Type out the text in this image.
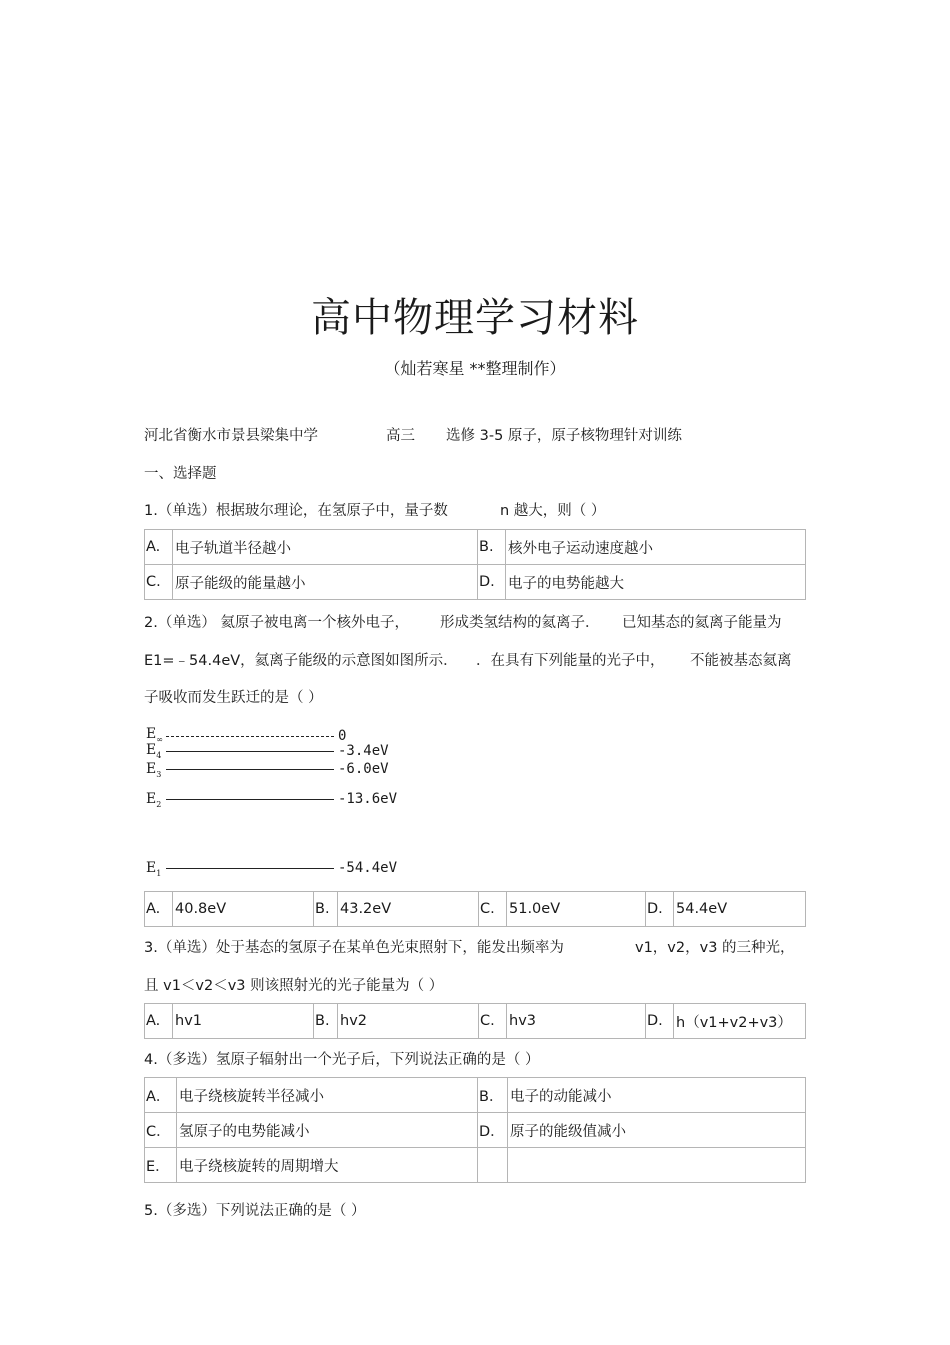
高中物理学习材料
（灿若寒星 **整理制作）
河北省衡水市景县梁集中学	高三 选修 3-5 原子，原子核物理针对训练
一、选择题
1.（单选）根据玻尔理论，在氢原子中，量子数	n 越大，则（ ）
A.	电子轨道半径越小	B.	核外电子运动速度越小
C.	原子能级的能量越小	D.	电子的电势能越大
2.（单选） 氦原子被电离一个核外电子， 形成类氢结构的氦离子． 已知基态的氦离子能量为
E1=﹣54.4eV，氦离子能级的示意图如图所示． ．在具有下列能量的光子中， 不能被基态氦离
子吸收而发生跃迁的是（ ）
$E_\infty$	0
$E_4$	-3.4eV
$E_3$	-6.0eV
$E_2$	-13.6eV
$E_1$	-54.4eV
A.	40.8eV	B.	43.2eV	C.	51.0eV	D.	54.4eV
3.（单选）处于基态的氢原子在某单色光束照射下，能发出频率为	v1，v2，v3 的三种光，
且 v1＜v2＜v3 则该照射光的光子能量为（ ）
A.	hv1	B.	hv2	C.	hv3	D.	h（v1+v2+v3）
4.（多选）氢原子辐射出一个光子后，下列说法正确的是（ ）
A．	电子绕核旋转半径减小	B．	电子的动能减小
C．	氢原子的电势能减小	D．	原子的能级值减小
E．	电子绕核旋转的周期增大		
5.（多选）下列说法正确的是（ ）
